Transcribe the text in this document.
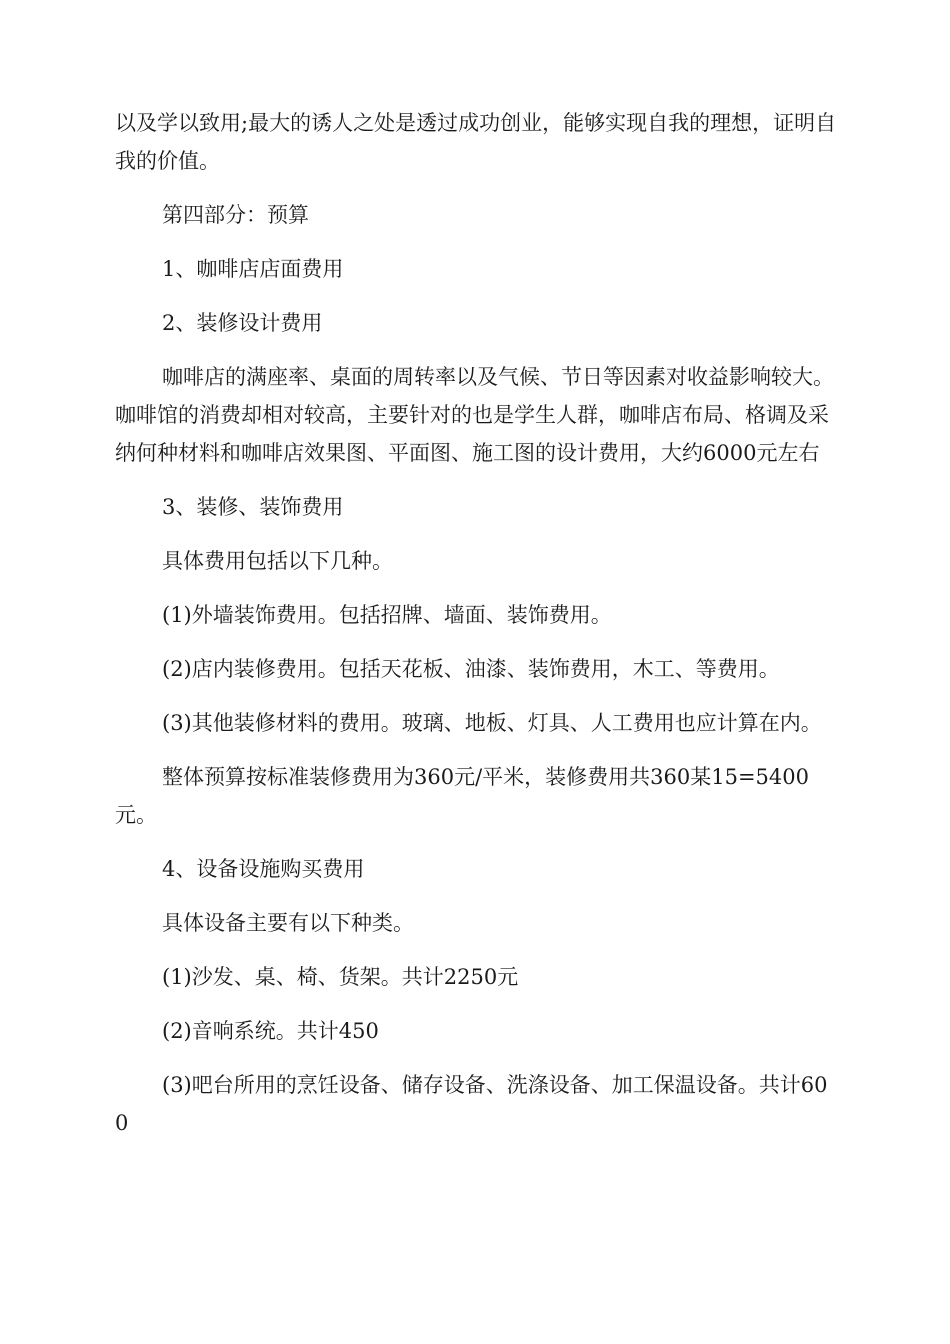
以及学以致用;最大的诱人之处是透过成功创业，能够实现自我的理想，证明自我的价值。

第四部分：预算

1、咖啡店店面费用

2、装修设计费用

咖啡店的满座率、桌面的周转率以及气候、节日等因素对收益影响较大。咖啡馆的消费却相对较高，主要针对的也是学生人群，咖啡店布局、格调及采纳何种材料和咖啡店效果图、平面图、施工图的设计费用，大约6000元左右

3、装修、装饰费用

具体费用包括以下几种。

(1)外墙装饰费用。包括招牌、墙面、装饰费用。

(2)店内装修费用。包括天花板、油漆、装饰费用，木工、等费用。

(3)其他装修材料的费用。玻璃、地板、灯具、人工费用也应计算在内。

整体预算按标准装修费用为360元/平米，装修费用共360某15=5400元。

4、设备设施购买费用

具体设备主要有以下种类。

(1)沙发、桌、椅、货架。共计2250元

(2)音响系统。共计450

(3)吧台所用的烹饪设备、储存设备、洗涤设备、加工保温设备。共计600
